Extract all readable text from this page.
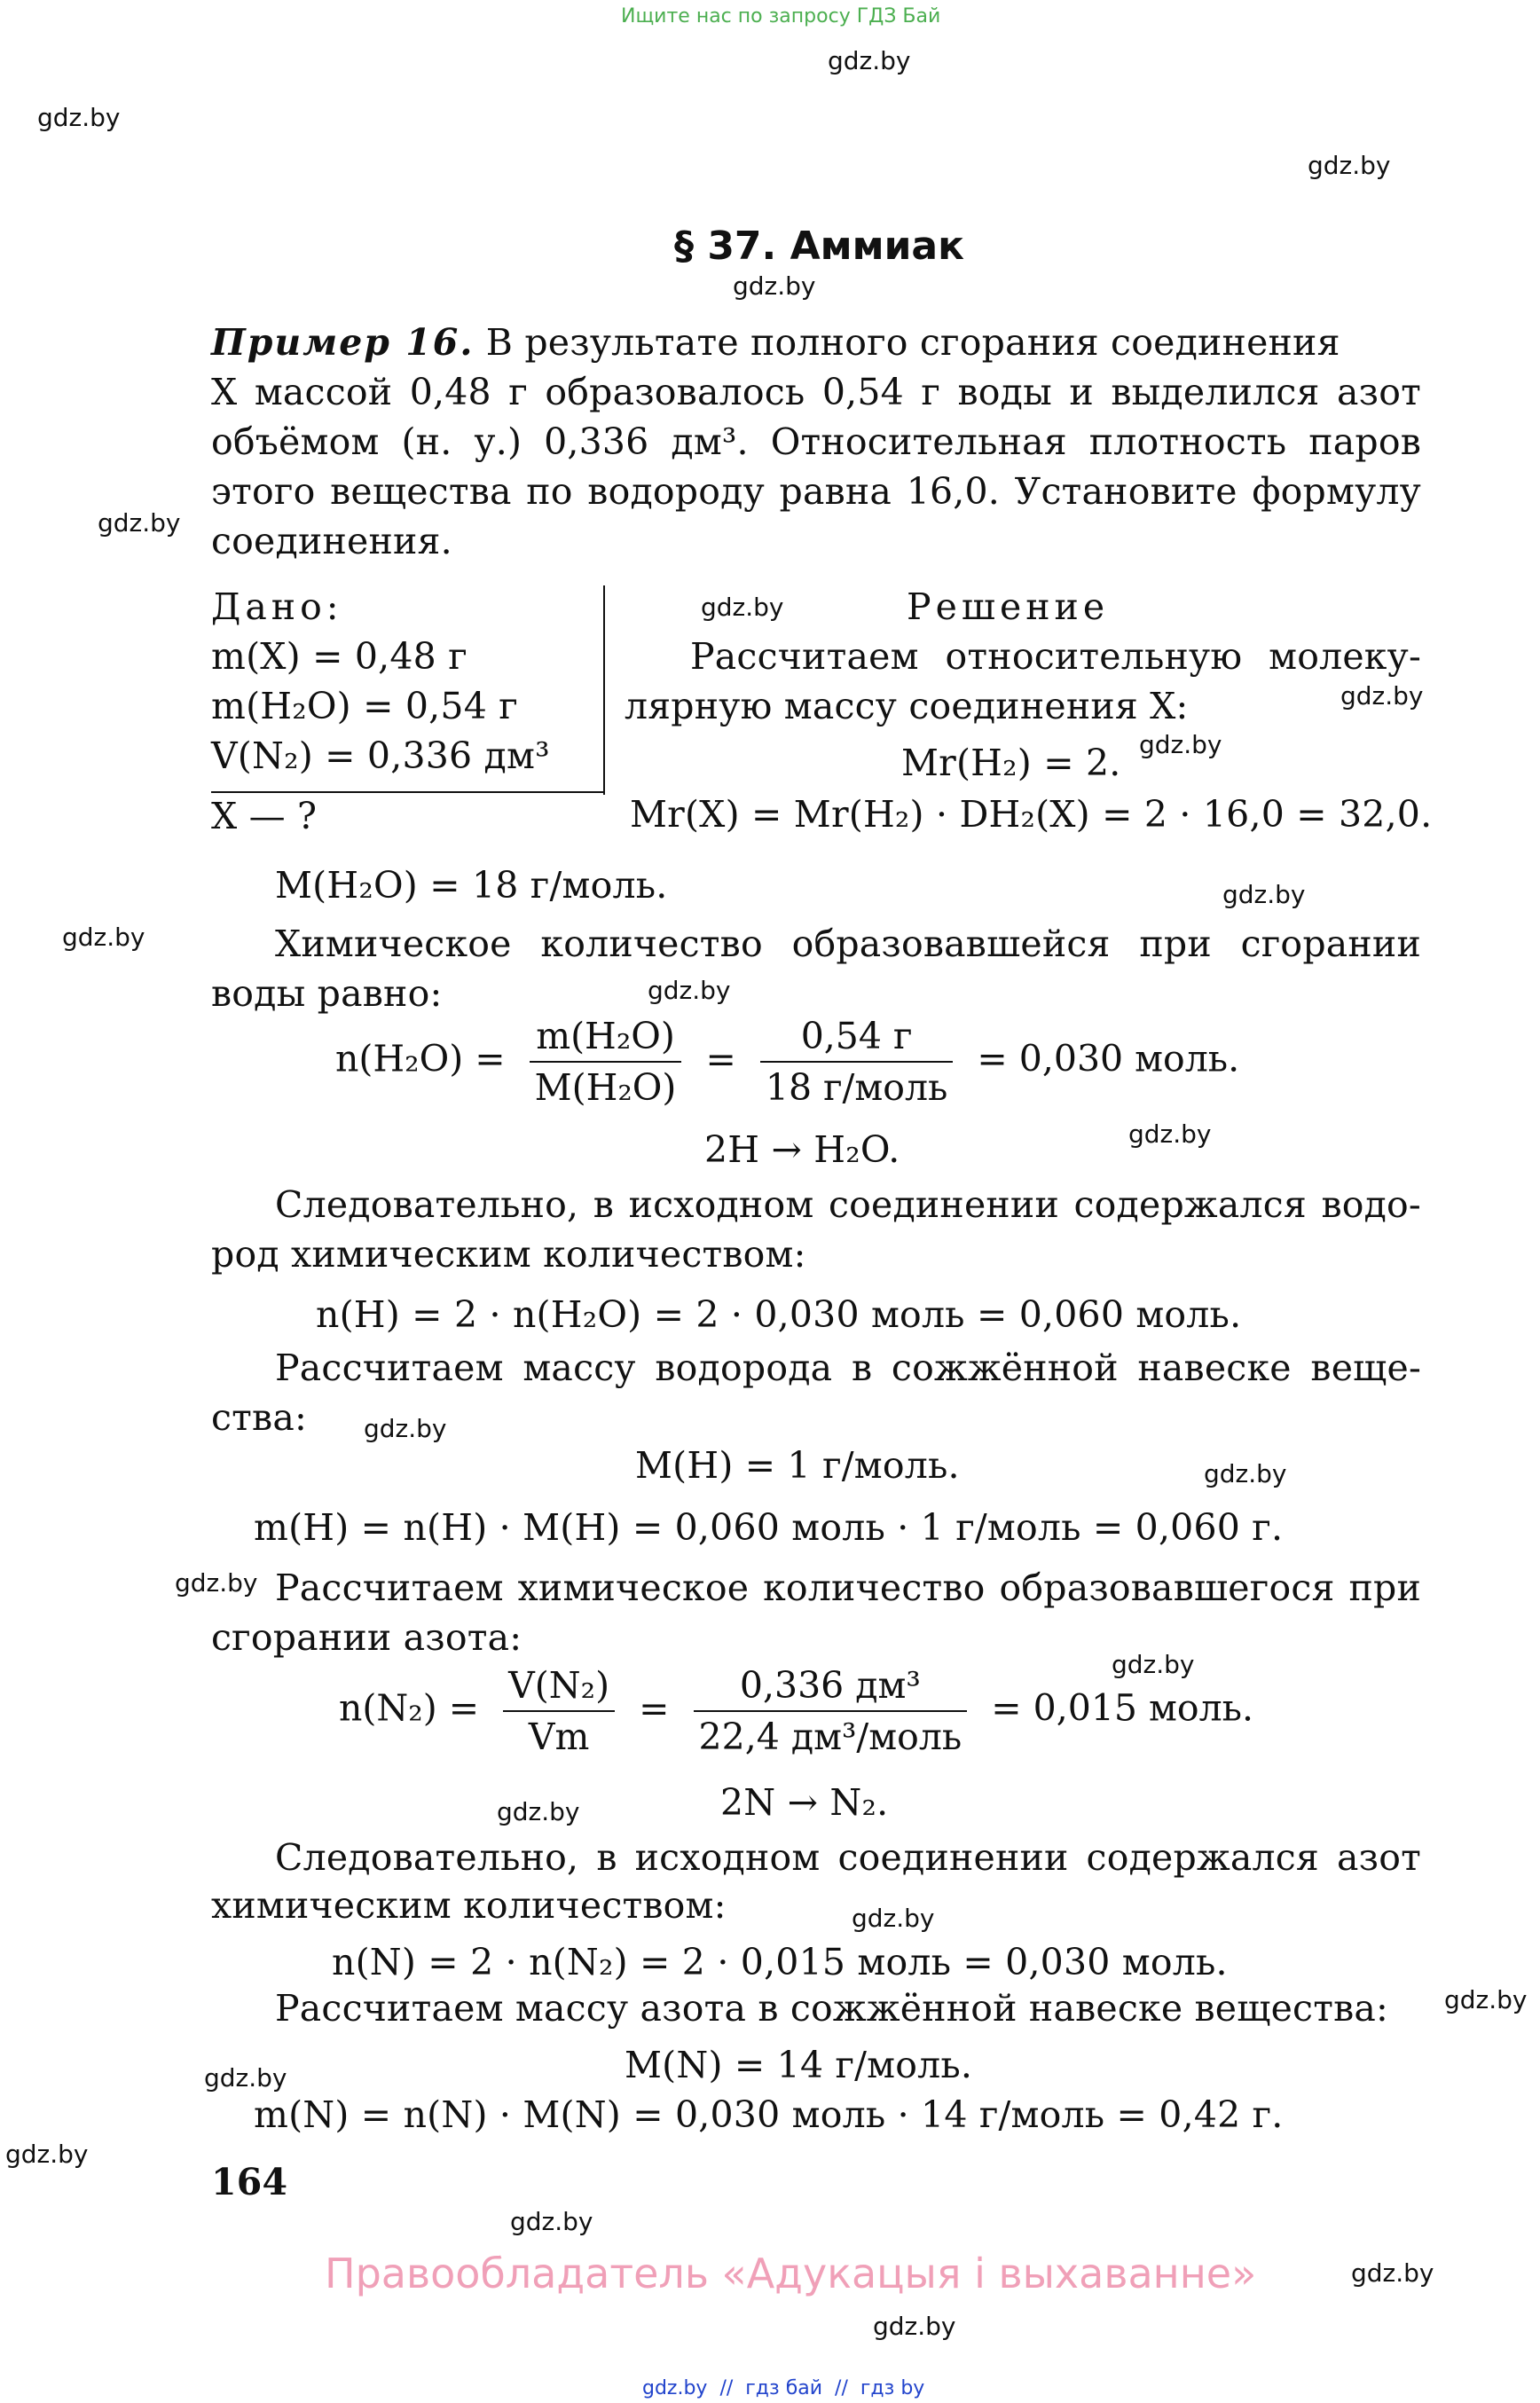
Ищите нас по запросу ГДЗ Бай
gdz.by
gdz.by
gdz.by
gdz.by
gdz.by
gdz.by
gdz.by
gdz.by
gdz.by
gdz.by
gdz.by
gdz.by
gdz.by
gdz.by
gdz.by
gdz.by
gdz.by
gdz.by
gdz.by
gdz.by
gdz.by
gdz.by
gdz.by
gdz.by
§ 37. Аммиак
Пример 16. В результате полного сгорания соединения
X массой 0,48 г образовалось 0,54 г воды и выделился азот
объёмом (н. у.) 0,336 дм³. Относительная плотность паров
этого вещества по водороду равна 16,0. Установите формулу
соединения.
Дано:
m(X) = 0,48 г
m(H₂O) = 0,54 г
V(N₂) = 0,336 дм³
X — ?
Решение
Рассчитаем относительную молеку-
лярную массу соединения X:
Mr(H₂) = 2.
Mr(X) = Mr(H₂) · DH₂(X) = 2 · 16,0 = 32,0.
M(H₂O) = 18 г/моль.
Химическое количество образовавшейся при сгорании
воды равно:
$n(H_2O) = \frac{\text{m(H₂O)}}{\text{M(H₂O)}} = \frac{0,54 г}{\text{18 г/моль}} = 0,030$ моль.
2H → H₂O.
Следовательно, в исходном соединении содержался водо-
род химическим количеством:
n(H) = 2 · n(H₂O) = 2 · 0,030 моль = 0,060 моль.
Рассчитаем массу водорода в сожжённой навеске веще-
ства:
M(H) = 1 г/моль.
m(H) = n(H) · M(H) = 0,060 моль · 1 г/моль = 0,060 г.
Рассчитаем химическое количество образовавшегося при
сгорании азота:
$n(N_2) = \frac{\text{V(N₂)}}{Vm} = \frac{\text{0,336 дм³}}{\text{22,4 дм³/моль}} = 0,015$ моль.
2N → N₂.
Следовательно, в исходном соединении содержался азот
химическим количеством:
n(N) = 2 · n(N₂) = 2 · 0,015 моль = 0,030 моль.
Рассчитаем массу азота в сожжённой навеске вещества:
M(N) = 14 г/моль.
m(N) = n(N) · M(N) = 0,030 моль · 14 г/моль = 0,42 г.
164
Правообладатель «Адукацыя і выхаванне»
gdz.by  //  гдз бай  //  гдз by
